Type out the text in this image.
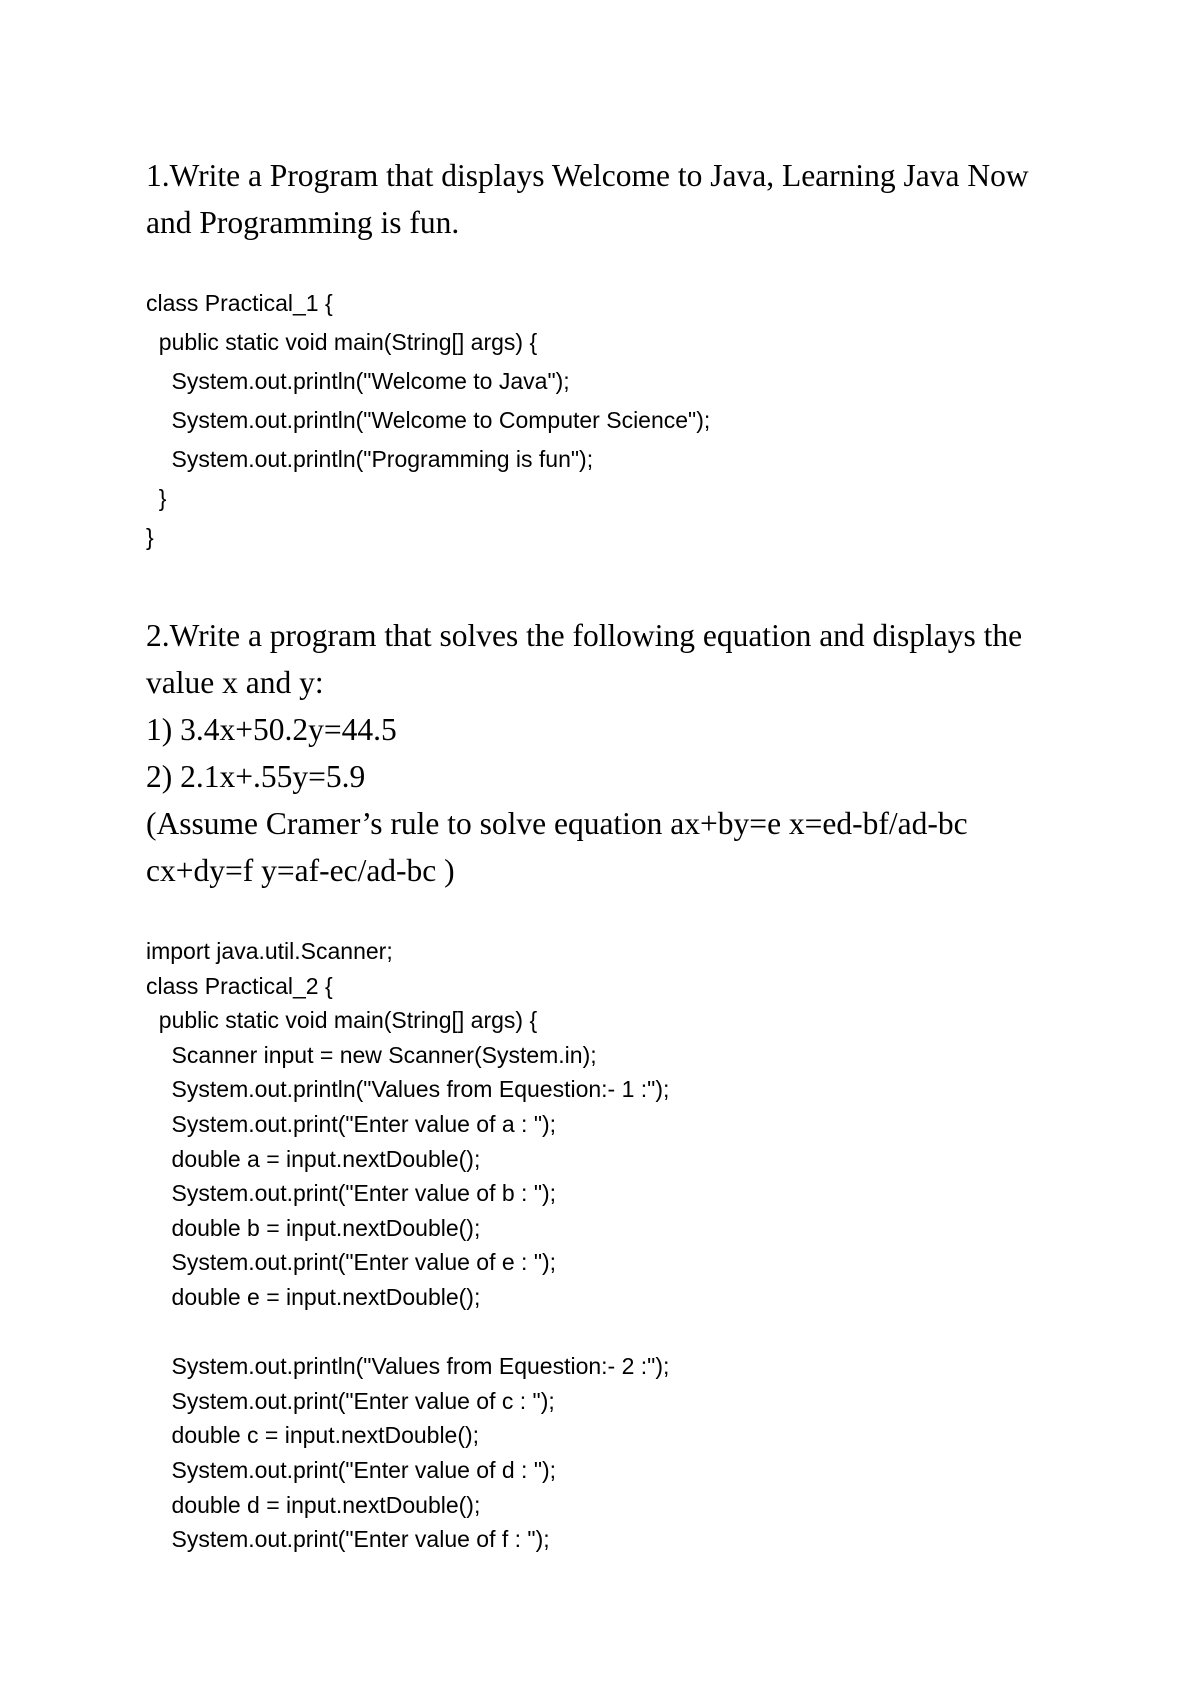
1.Write a Program that displays Welcome to Java, Learning Java Now
and Programming is fun.
class Practical_1 {
public static void main(String[] args) {
System.out.println("Welcome to Java");
System.out.println("Welcome to Computer Science");
System.out.println("Programming is fun");
}
}
2.Write a program that solves the following equation and displays the
value x and y:
1) 3.4x+50.2y=44.5
2) 2.1x+.55y=5.9
(Assume Cramer’s rule to solve equation ax+by=e x=ed-bf/ad-bc
cx+dy=f y=af-ec/ad-bc )
import java.util.Scanner;
class Practical_2 {
public static void main(String[] args) {
Scanner input = new Scanner(System.in);
System.out.println("Values from Equestion:- 1 :");
System.out.print("Enter value of a : ");
double a = input.nextDouble();
System.out.print("Enter value of b : ");
double b = input.nextDouble();
System.out.print("Enter value of e : ");
double e = input.nextDouble();
System.out.println("Values from Equestion:- 2 :");
System.out.print("Enter value of c : ");
double c = input.nextDouble();
System.out.print("Enter value of d : ");
double d = input.nextDouble();
System.out.print("Enter value of f : ");
